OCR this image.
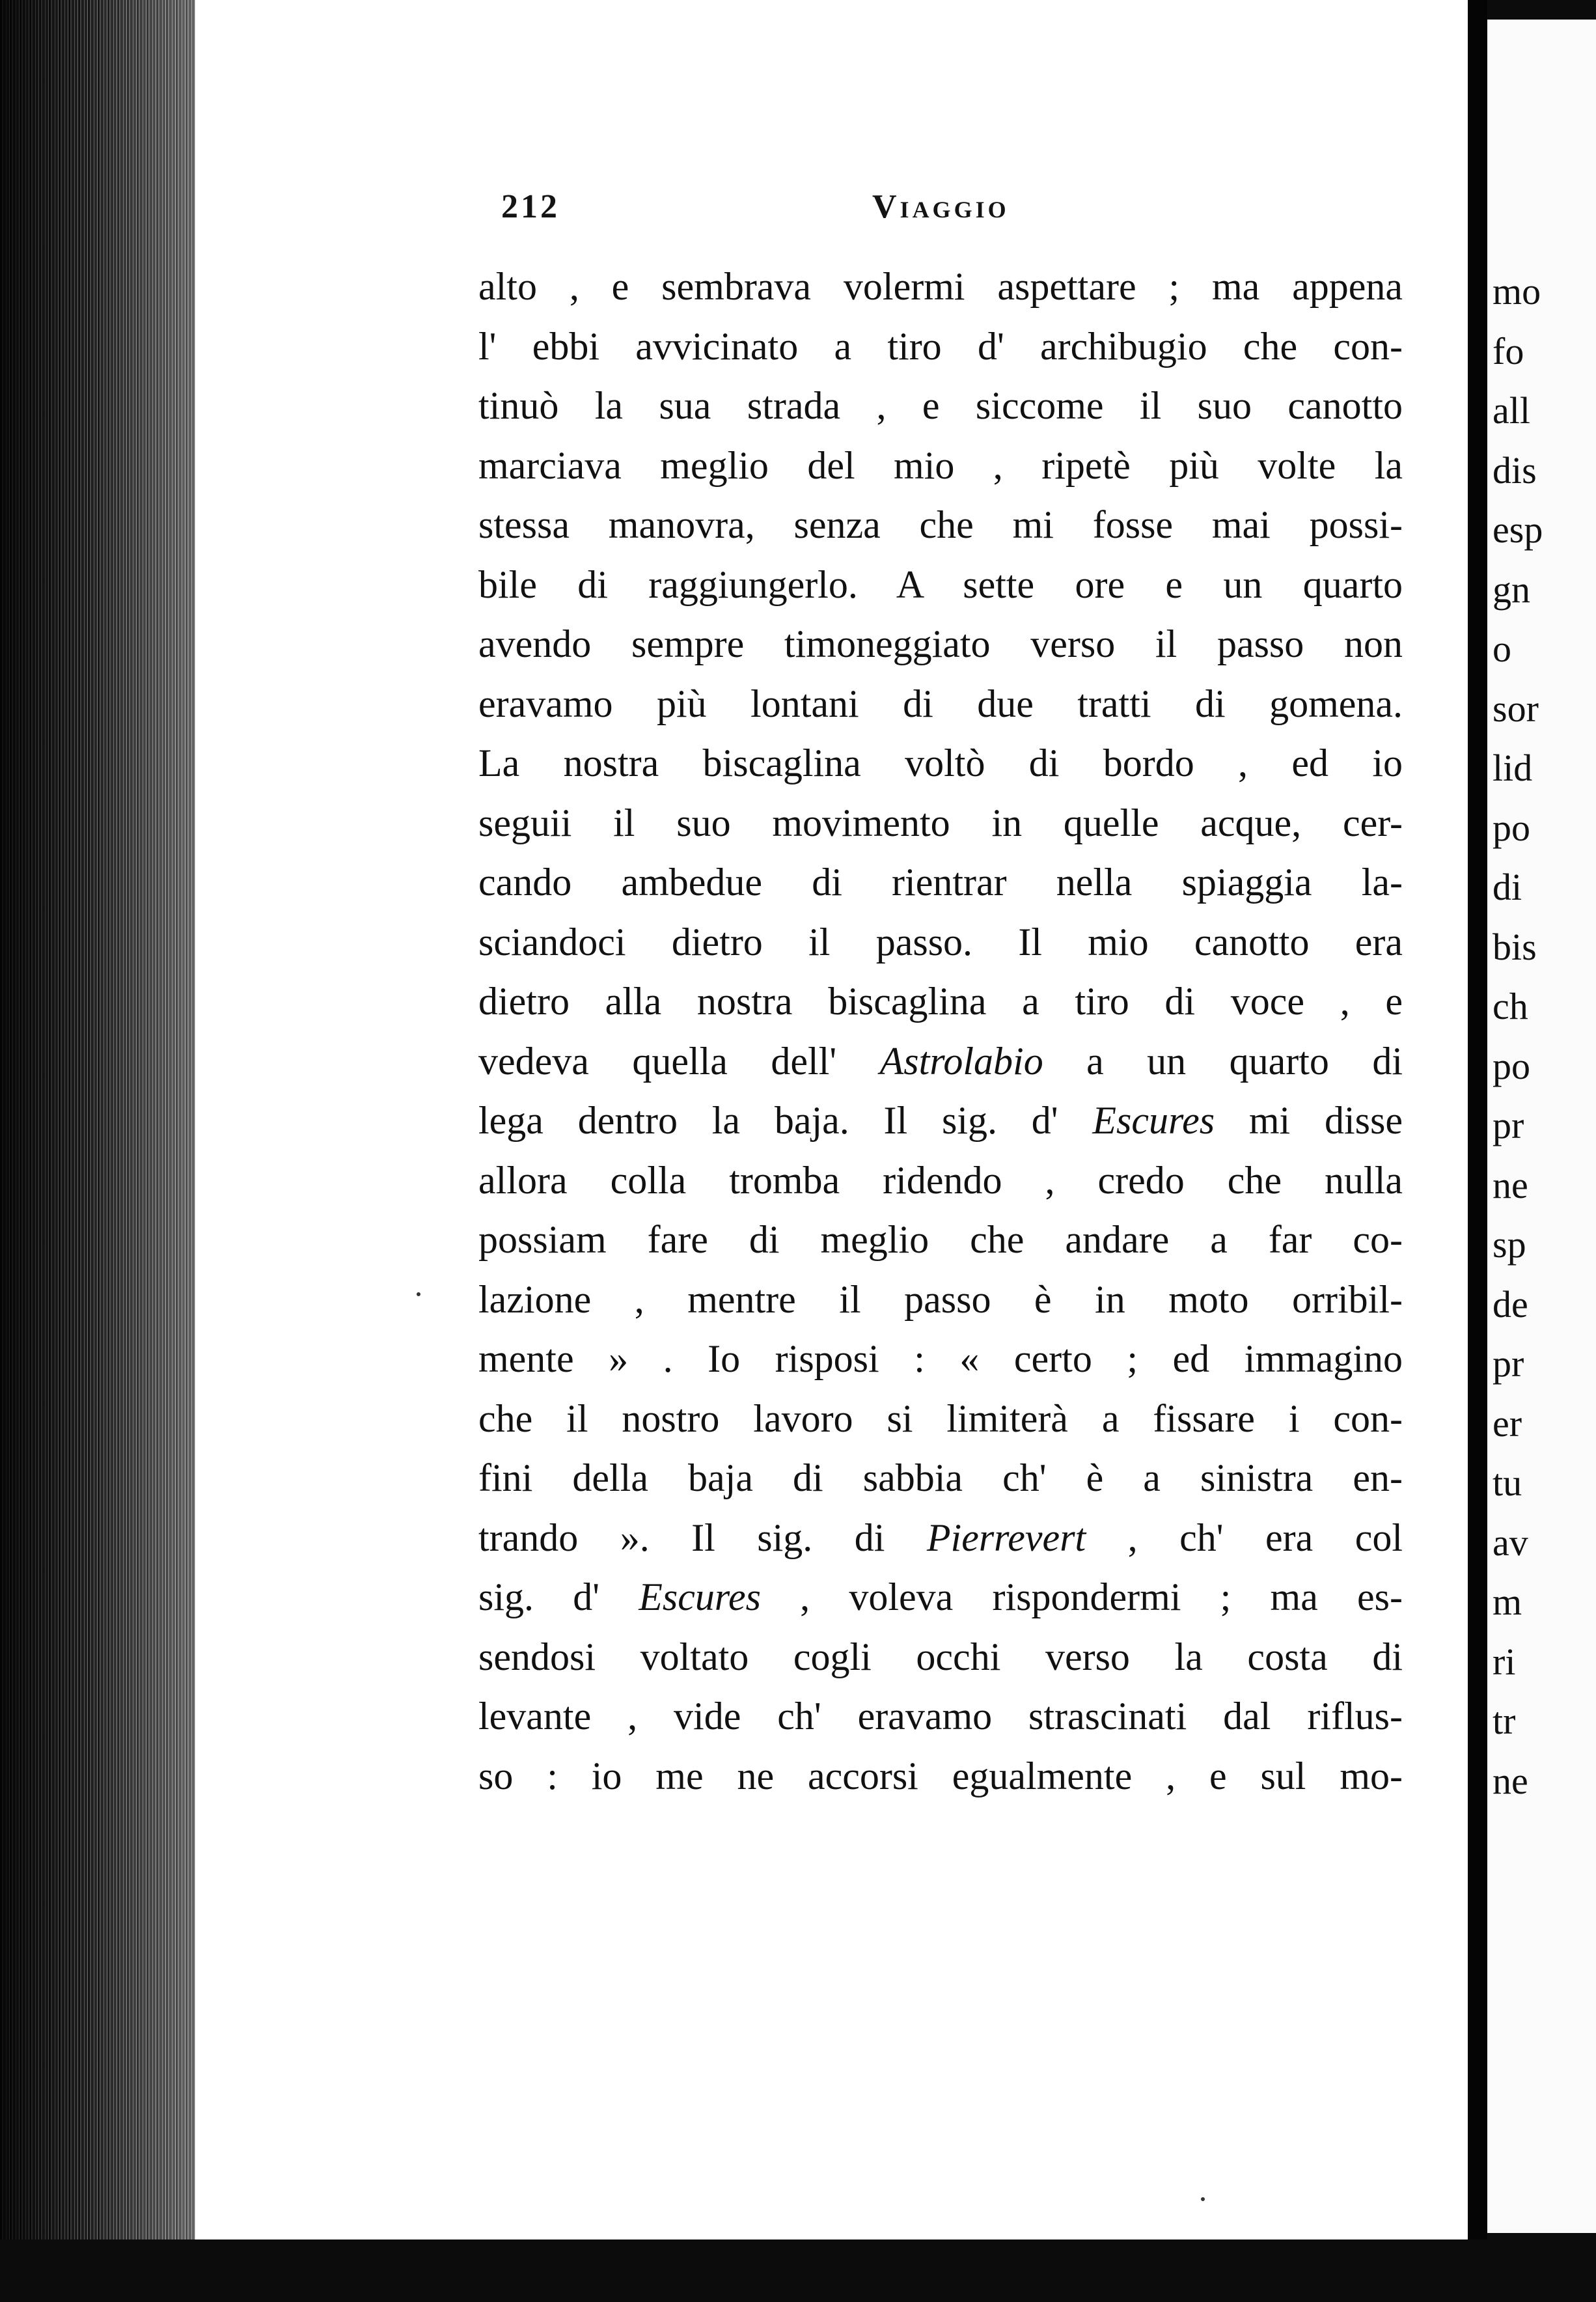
212	Viaggio
alto , e sembrava volermi aspettare ; ma appena
l' ebbi avvicinato a tiro d' archibugio che con-
tinuò la sua strada , e siccome il suo canotto
marciava meglio del mio , ripetè più volte la
stessa manovra, senza che mi fosse mai possi-
bile di raggiungerlo. A sette ore e un quarto
avendo sempre timoneggiato verso il passo non
eravamo più lontani di due tratti di gomena.
La nostra biscaglina voltò di bordo , ed io
seguii il suo movimento in quelle acque, cer-
cando ambedue di rientrar nella spiaggia la-
sciandoci dietro il passo. Il mio canotto era
dietro alla nostra biscaglina a tiro di voce , e
vedeva quella dell' Astrolabio a un quarto di
lega dentro la baja. Il sig. d' Escures mi disse
allora colla tromba ridendo , credo che nulla
possiam fare di meglio che andare a far co-
lazione , mentre il passo è in moto orribil-
mente » . Io risposi : « certo ; ed immagino
che il nostro lavoro si limiterà a fissare i con-
fini della baja di sabbia ch' è a sinistra en-
trando ». Il sig. di Pierrevert , ch' era col
sig. d' Escures , voleva rispondermi ; ma es-
sendosi voltato cogli occhi verso la costa di
levante , vide ch' eravamo strascinati dal riflus-
so : io me ne accorsi egualmente , e sul mo-
mo
fo
all
dis
esp
gn
o
sor
lid
po
di
bis
ch
po
pr
ne
sp
de
pr
er
tu
av
m
ri
tr
ne
